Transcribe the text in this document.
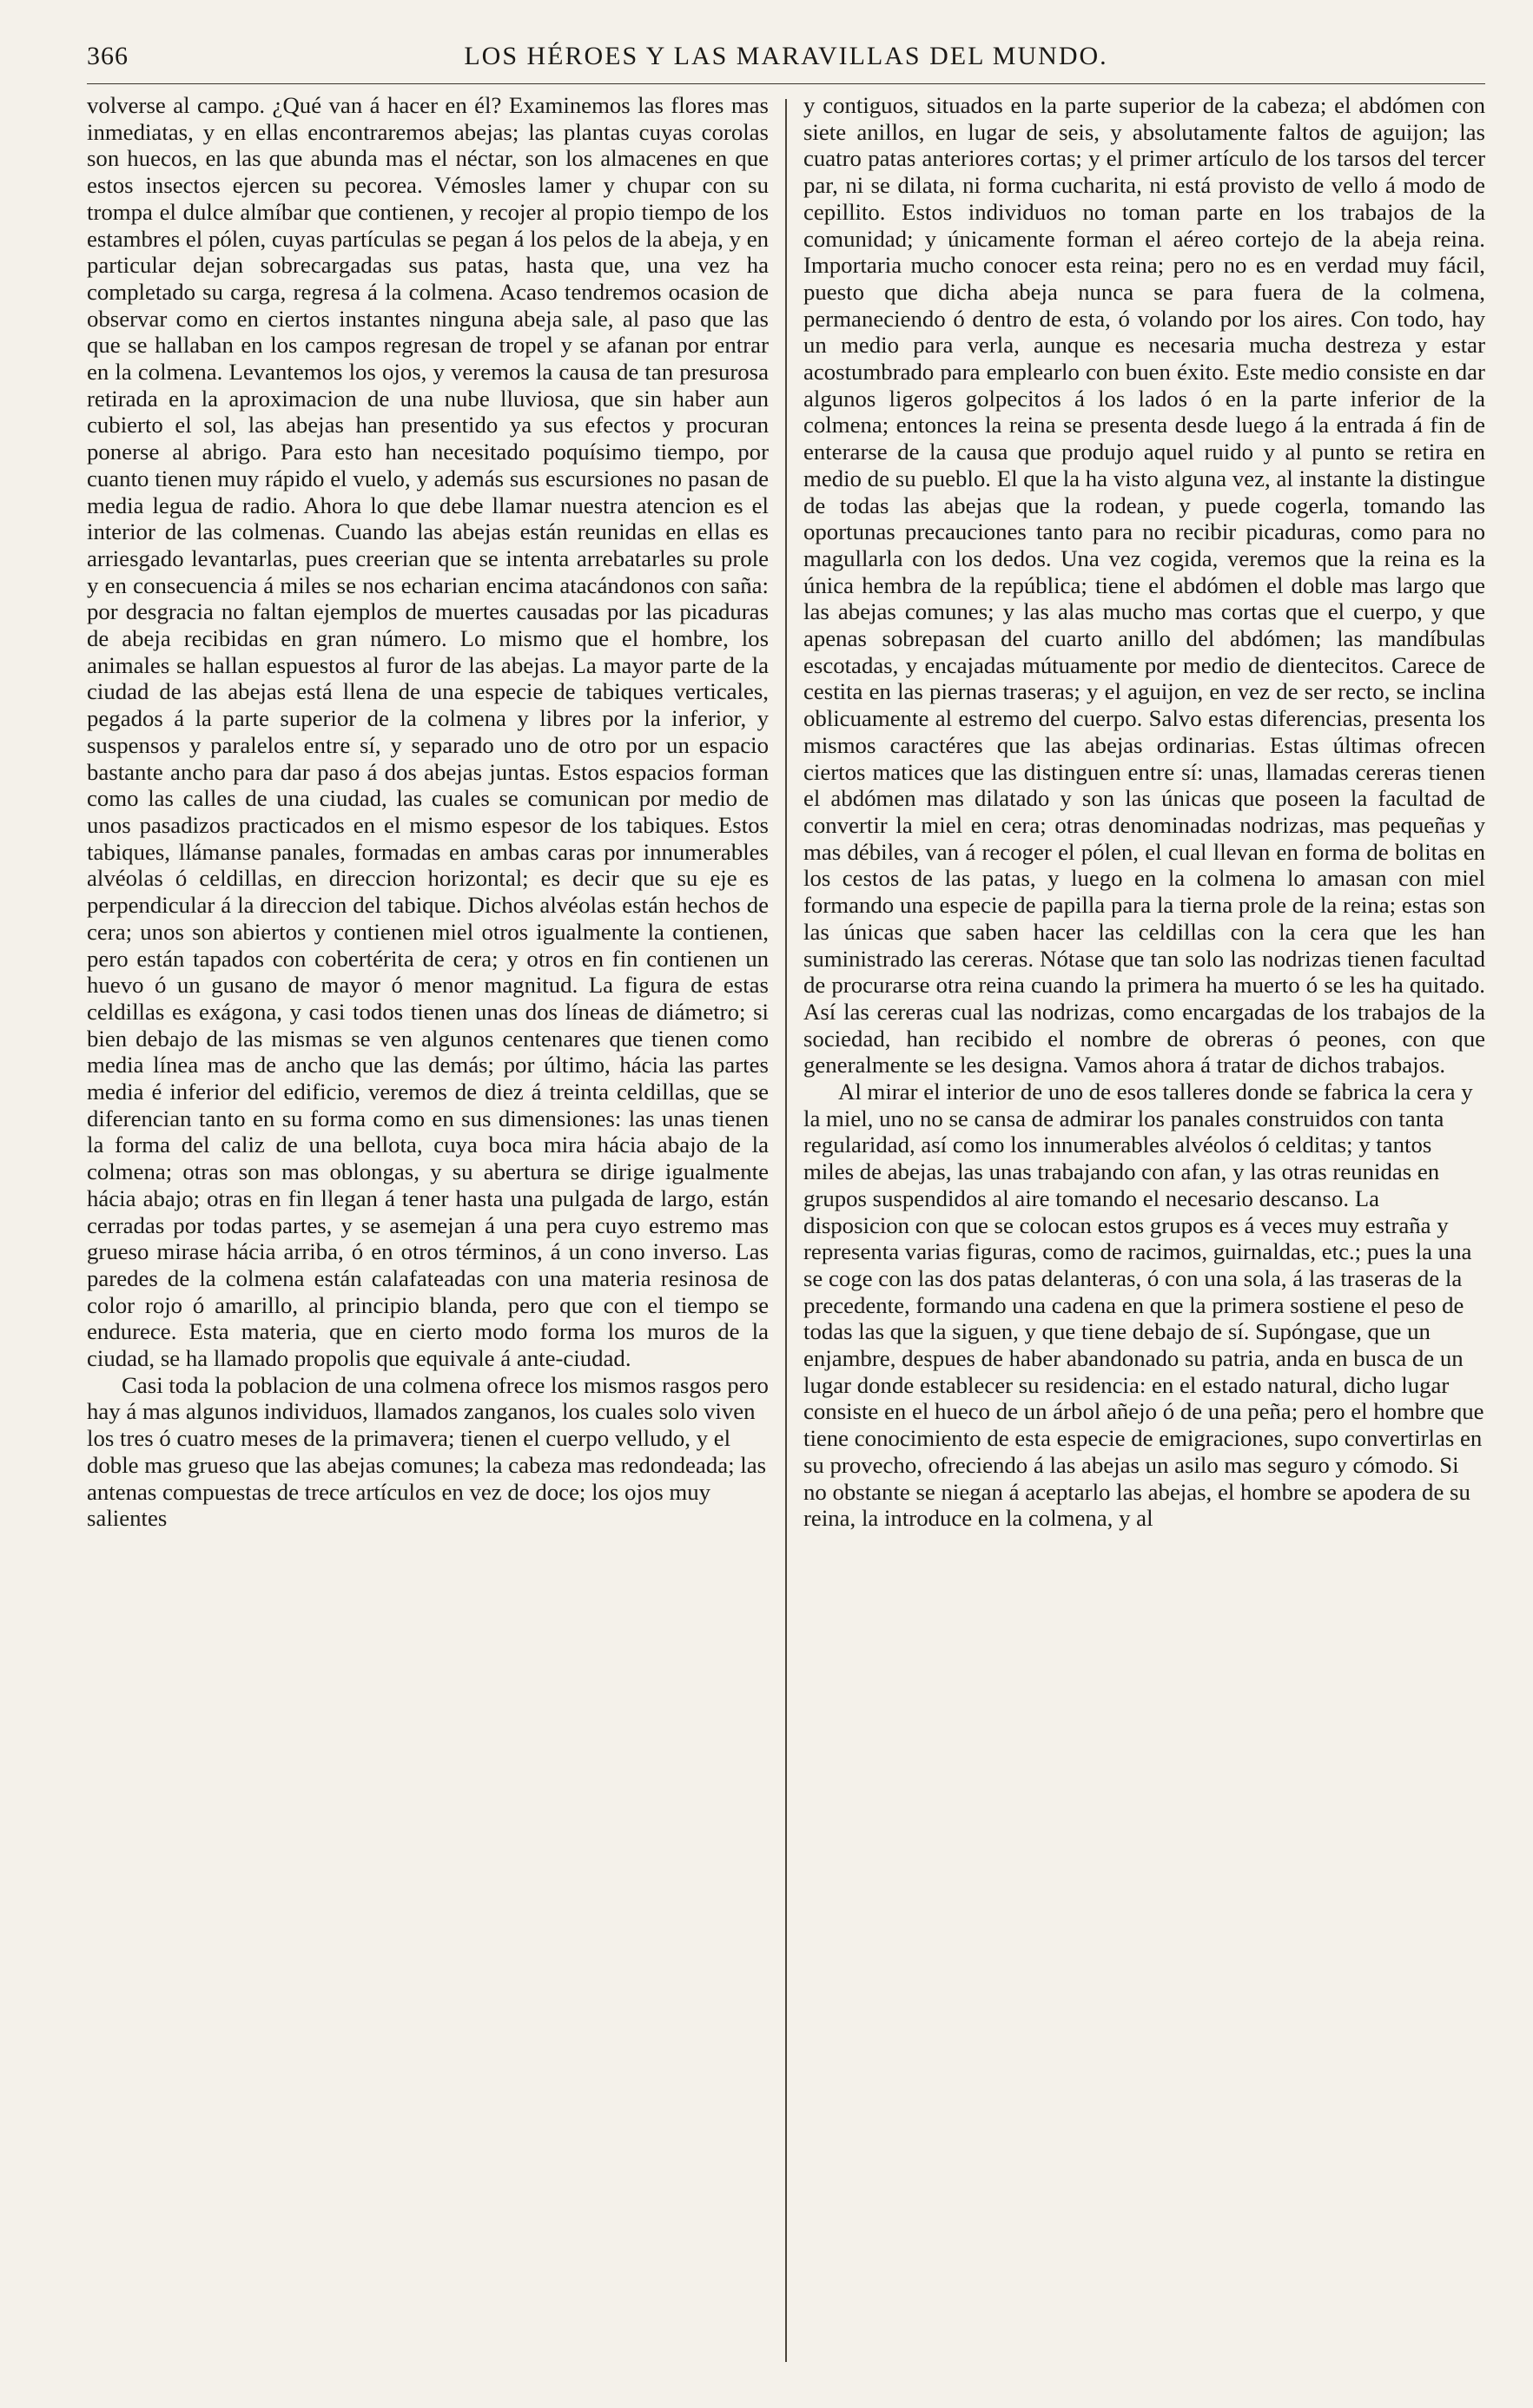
366	LOS HÉROES Y LAS MARAVILLAS DEL MUNDO.

volverse al campo. ¿Qué van á hacer en él? Examinemos las flores mas inmediatas, y en ellas encontraremos abejas; las plantas cuyas corolas son huecos, en las que abunda mas el néctar, son los almacenes en que estos insectos ejercen su pecorea. Vémosles lamer y chupar con su trompa el dulce almíbar que contienen, y recojer al propio tiempo de los estambres el pólen, cuyas partículas se pegan á los pelos de la abeja, y en particular dejan sobrecargadas sus patas, hasta que, una vez ha completado su carga, regresa á la colmena. Acaso tendremos ocasion de observar como en ciertos instantes ninguna abeja sale, al paso que las que se hallaban en los campos regresan de tropel y se afanan por entrar en la colmena. Levantemos los ojos, y veremos la causa de tan presurosa retirada en la aproximacion de una nube lluviosa, que sin haber aun cubierto el sol, las abejas han presentido ya sus efectos y procuran ponerse al abrigo. Para esto han necesitado poquísimo tiempo, por cuanto tienen muy rápido el vuelo, y además sus escursiones no pasan de media legua de radio. Ahora lo que debe llamar nuestra atencion es el interior de las colmenas. Cuando las abejas están reunidas en ellas es arriesgado levantarlas, pues creerian que se intenta arrebatarles su prole y en consecuencia á miles se nos echarian encima atacándonos con saña: por desgracia no faltan ejemplos de muertes causadas por las picaduras de abeja recibidas en gran número. Lo mismo que el hombre, los animales se hallan espuestos al furor de las abejas. La mayor parte de la ciudad de las abejas está llena de una especie de tabiques verticales, pegados á la parte superior de la colmena y libres por la inferior, y suspensos y paralelos entre sí, y separado uno de otro por un espacio bastante ancho para dar paso á dos abejas juntas. Estos espacios forman como las calles de una ciudad, las cuales se comunican por medio de unos pasadizos practicados en el mismo espesor de los tabiques. Estos tabiques, llámanse panales, formadas en ambas caras por innumerables alvéolas ó celdillas, en direccion horizontal; es decir que su eje es perpendicular á la direccion del tabique. Dichos alvéolas están hechos de cera; unos son abiertos y contienen miel otros igualmente la contienen, pero están tapados con cobertérita de cera; y otros en fin contienen un huevo ó un gusano de mayor ó menor magnitud. La figura de estas celdillas es exágona, y casi todos tienen unas dos líneas de diámetro; si bien debajo de las mismas se ven algunos centenares que tienen como media línea mas de ancho que las demás; por último, hácia las partes media é inferior del edificio, veremos de diez á treinta celdillas, que se diferencian tanto en su forma como en sus dimensiones: las unas tienen la forma del caliz de una bellota, cuya boca mira hácia abajo de la colmena; otras son mas oblongas, y su abertura se dirige igualmente hácia abajo; otras en fin llegan á tener hasta una pulgada de largo, están cerradas por todas partes, y se asemejan á una pera cuyo estremo mas grueso mirase hácia arriba, ó en otros términos, á un cono inverso. Las paredes de la colmena están calafateadas con una materia resinosa de color rojo ó amarillo, al principio blanda, pero que con el tiempo se endurece. Esta materia, que en cierto modo forma los muros de la ciudad, se ha llamado propolis que equivale á ante-ciudad.

Casi toda la poblacion de una colmena ofrece los mismos rasgos pero hay á mas algunos individuos, llamados zanganos, los cuales solo viven los tres ó cuatro meses de la primavera; tienen el cuerpo velludo, y el doble mas grueso que las abejas comunes; la cabeza mas redondeada; las antenas compuestas de trece artículos en vez de doce; los ojos muy salientes

y contiguos, situados en la parte superior de la cabeza; el abdómen con siete anillos, en lugar de seis, y absolutamente faltos de aguijon; las cuatro patas anteriores cortas; y el primer artículo de los tarsos del tercer par, ni se dilata, ni forma cucharita, ni está provisto de vello á modo de cepillito. Estos individuos no toman parte en los trabajos de la comunidad; y únicamente forman el aéreo cortejo de la abeja reina. Importaria mucho conocer esta reina; pero no es en verdad muy fácil, puesto que dicha abeja nunca se para fuera de la colmena, permaneciendo ó dentro de esta, ó volando por los aires. Con todo, hay un medio para verla, aunque es necesaria mucha destreza y estar acostumbrado para emplearlo con buen éxito. Este medio consiste en dar algunos ligeros golpecitos á los lados ó en la parte inferior de la colmena; entonces la reina se presenta desde luego á la entrada á fin de enterarse de la causa que produjo aquel ruido y al punto se retira en medio de su pueblo. El que la ha visto alguna vez, al instante la distingue de todas las abejas que la rodean, y puede cogerla, tomando las oportunas precauciones tanto para no recibir picaduras, como para no magullarla con los dedos. Una vez cogida, veremos que la reina es la única hembra de la república; tiene el abdómen el doble mas largo que las abejas comunes; y las alas mucho mas cortas que el cuerpo, y que apenas sobrepasan del cuarto anillo del abdómen; las mandíbulas escotadas, y encajadas mútuamente por medio de dientecitos. Carece de cestita en las piernas traseras; y el aguijon, en vez de ser recto, se inclina oblicuamente al estremo del cuerpo. Salvo estas diferencias, presenta los mismos caractéres que las abejas ordinarias. Estas últimas ofrecen ciertos matices que las distinguen entre sí: unas, llamadas cereras tienen el abdómen mas dilatado y son las únicas que poseen la facultad de convertir la miel en cera; otras denominadas nodrizas, mas pequeñas y mas débiles, van á recoger el pólen, el cual llevan en forma de bolitas en los cestos de las patas, y luego en la colmena lo amasan con miel formando una especie de papilla para la tierna prole de la reina; estas son las únicas que saben hacer las celdillas con la cera que les han suministrado las cereras. Nótase que tan solo las nodrizas tienen facultad de procurarse otra reina cuando la primera ha muerto ó se les ha quitado. Así las cereras cual las nodrizas, como encargadas de los trabajos de la sociedad, han recibido el nombre de obreras ó peones, con que generalmente se les designa. Vamos ahora á tratar de dichos trabajos.

Al mirar el interior de uno de esos talleres donde se fabrica la cera y la miel, uno no se cansa de admirar los panales construidos con tanta regularidad, así como los innumerables alvéolos ó celditas; y tantos miles de abejas, las unas trabajando con afan, y las otras reunidas en grupos suspendidos al aire tomando el necesario descanso. La disposicion con que se colocan estos grupos es á veces muy estraña y representa varias figuras, como de racimos, guirnaldas, etc.; pues la una se coge con las dos patas delanteras, ó con una sola, á las traseras de la precedente, formando una cadena en que la primera sostiene el peso de todas las que la siguen, y que tiene debajo de sí. Supóngase, que un enjambre, despues de haber abandonado su patria, anda en busca de un lugar donde establecer su residencia: en el estado natural, dicho lugar consiste en el hueco de un árbol añejo ó de una peña; pero el hombre que tiene conocimiento de esta especie de emigraciones, supo convertirlas en su provecho, ofreciendo á las abejas un asilo mas seguro y cómodo. Si no obstante se niegan á aceptarlo las abejas, el hombre se apodera de su reina, la introduce en la colmena, y al
